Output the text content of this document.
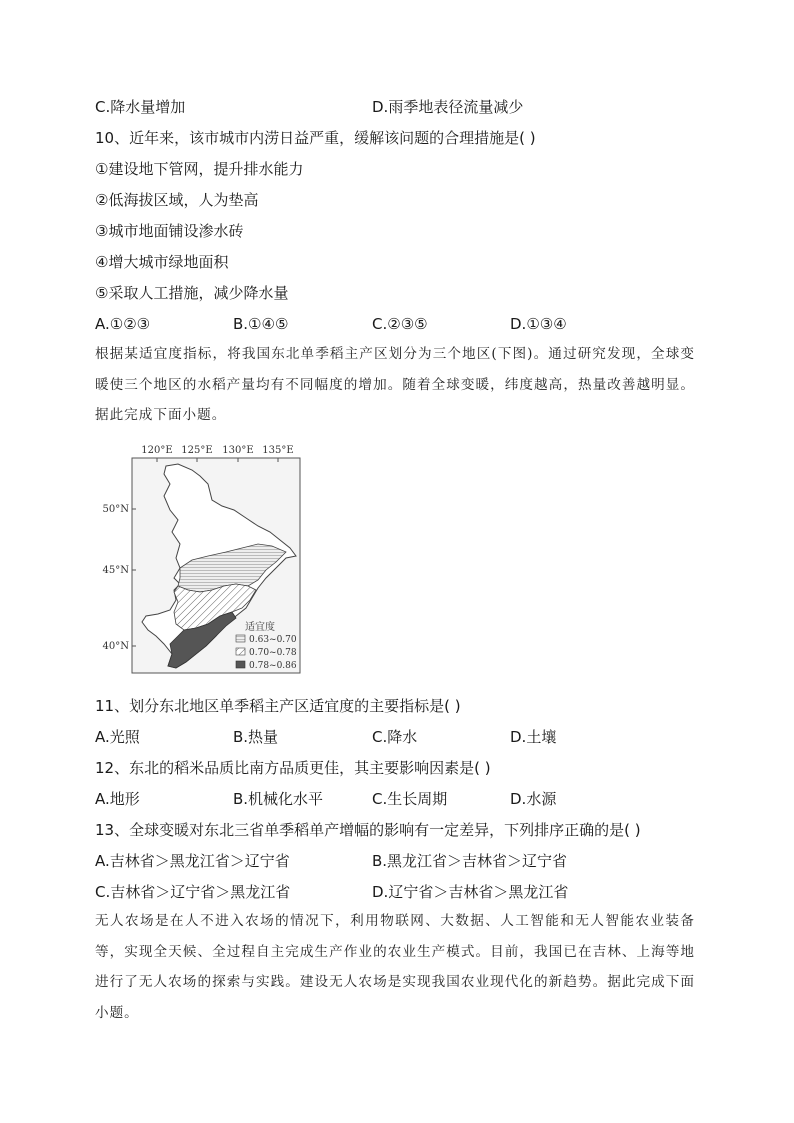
C.降水量增加	D.雨季地表径流量减少
10、近年来，该市城市内涝日益严重，缓解该问题的合理措施是( )
①建设地下管网，提升排水能力
②低海拔区域，人为垫高
③城市地面铺设渗水砖
④增大城市绿地面积
⑤采取人工措施，减少降水量
A.①②③	B.①④⑤	C.②③⑤	D.①③④
根据某适宜度指标，将我国东北单季稻主产区划分为三个地区(下图)。通过研究发现，全球变暖使三个地区的水稻产量均有不同幅度的增加。随着全球变暖，纬度越高，热量改善越明显。据此完成下面小题。
120°E 125°E 130°E 135°E
50°N
45°N
40°N
适宜度
0.63~0.70
0.70~0.78
0.78~0.86
11、划分东北地区单季稻主产区适宜度的主要指标是( )
A.光照	B.热量	C.降水	D.土壤
12、东北的稻米品质比南方品质更佳，其主要影响因素是( )
A.地形	B.机械化水平	C.生长周期	D.水源
13、全球变暖对东北三省单季稻单产增幅的影响有一定差异，下列排序正确的是( )
A.吉林省＞黑龙江省＞辽宁省	B.黑龙江省＞吉林省＞辽宁省
C.吉林省＞辽宁省＞黑龙江省	D.辽宁省＞吉林省＞黑龙江省
无人农场是在人不进入农场的情况下，利用物联网、大数据、人工智能和无人智能农业装备等，实现全天候、全过程自主完成生产作业的农业生产模式。目前，我国已在吉林、上海等地进行了无人农场的探索与实践。建设无人农场是实现我国农业现代化的新趋势。据此完成下面小题。
